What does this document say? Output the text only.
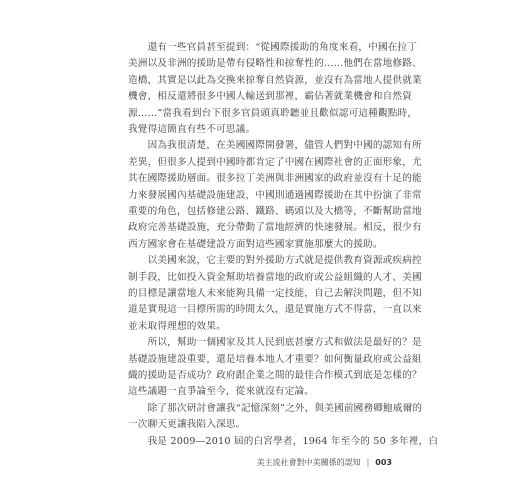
　　還有一些官員甚至提到：“從國際援助的角度來看，中國在拉丁
美洲以及非洲的援助是帶有侵略性和掠奪性的……他們在當地修路、
造橋，其實是以此為交換來掠奪自然資源，並沒有為當地人提供就業
機會，相反還將很多中國人輸送到那裡，霸佔著就業機會和自然資
源……”當我看到台下很多官員頭真聆聽並且歡似認可這種觀點時，
我覺得這簡直有些不可思議。
　　因為我很清楚，在美國國際開發署，儘管人們對中國的認知有所
差異，但很多人提到中國時都肯定了中國在國際社會的正面形象，尤
其在國際援助層面。很多拉丁美洲與非洲國家的政府並沒有十足的能
力來發展國內基礎設施建設，中國則通過國際援助在其中扮演了非常
重要的角色，包括修建公路、鐵路、碼頭以及大橋等，不斷幫助當地
政府完善基礎設施，充分帶動了當地經濟的快速發展。相反，很少有
西方國家會在基礎建設方面對這些國家實施那麼大的援助。
　　以美國來說，它主要的對外援助方式就是提供教育資源或疾病控
制手段，比如投入資金幫助培養當地的政府或公益組織的人才、美國
的目標是讓當地人未來能夠具備一定技能，自己去解決問題，但不知
道是實現這一目標所需的時間太久，還是實施方式不得當，一直以來
並未取得理想的效果。
　　所以，幫助一個國家及其人民到底甚麼方式和做法是最好的？是
基礎設施建設重要，還是培養本地人才重要？如何衡量政府或公益組
織的援助是否成功？政府跟企業之間的最佳合作模式到底是怎樣的？
這些議題一直爭論至今，從來就沒有定論。
　　除了那次研討會讓我“記憶深刻”之外，與美國前國務卿鮑威爾的
一次聊天更讓我陷入深思。
　　我是 2009—2010 屆的白宮學者，1964 年至今的 50 多年裡，白
美主流社會對中美關係的認知 | 003
